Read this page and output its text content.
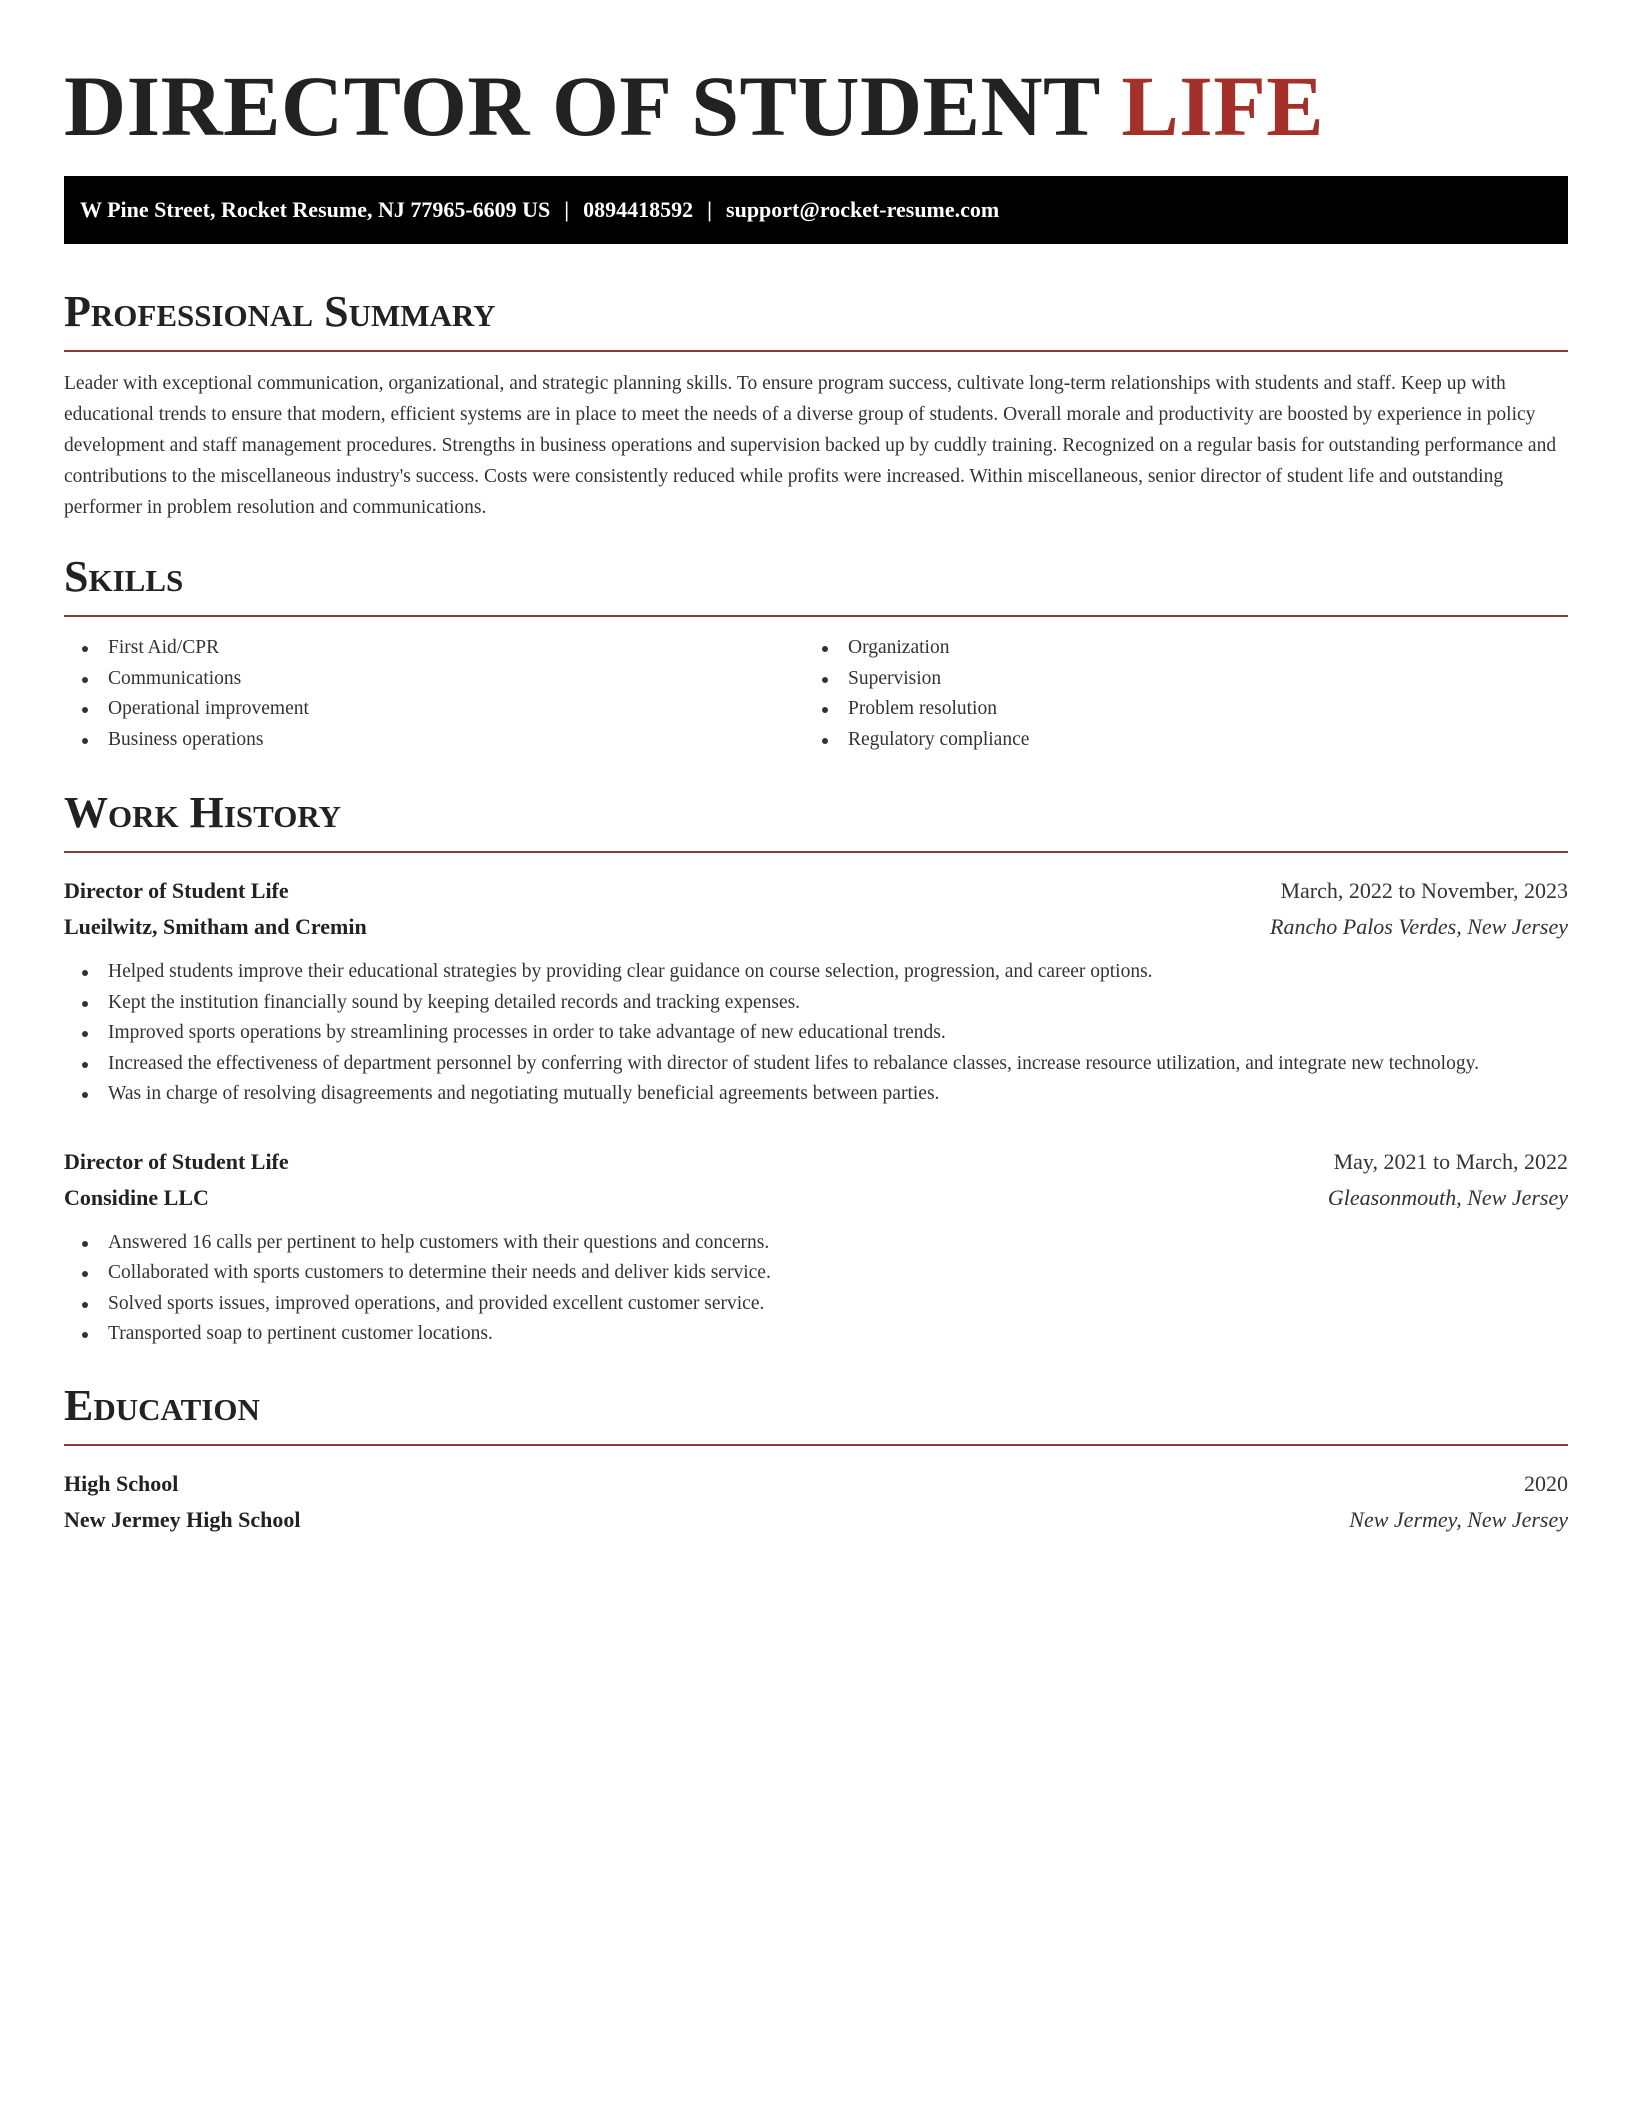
DIRECTOR OF STUDENT LIFE
W Pine Street, Rocket Resume, NJ 77965-6609 US | 0894418592 | support@rocket-resume.com
Professional Summary

Leader with exceptional communication, organizational, and strategic planning skills. To ensure program success, cultivate long-term relationships with students and staff. Keep up with educational trends to ensure that modern, efficient systems are in place to meet the needs of a diverse group of students. Overall morale and productivity are boosted by experience in policy development and staff management procedures. Strengths in business operations and supervision backed up by cuddly training. Recognized on a regular basis for outstanding performance and contributions to the miscellaneous industry's success. Costs were consistently reduced while profits were increased. Within miscellaneous, senior director of student life and outstanding performer in problem resolution and communications.

Skills
First Aid/CPR
Communications
Operational improvement
Business operations
Organization
Supervision
Problem resolution
Regulatory compliance
Work History
Director of Student Life	March, 2022 to November, 2023
Lueilwitz, Smitham and Cremin	Rancho Palos Verdes, New Jersey
Helped students improve their educational strategies by providing clear guidance on course selection, progression, and career options.
Kept the institution financially sound by keeping detailed records and tracking expenses.
Improved sports operations by streamlining processes in order to take advantage of new educational trends.
Increased the effectiveness of department personnel by conferring with director of student lifes to rebalance classes, increase resource utilization, and integrate new technology.
Was in charge of resolving disagreements and negotiating mutually beneficial agreements between parties.
Director of Student Life	May, 2021 to March, 2022
Considine LLC	Gleasonmouth, New Jersey
Answered 16 calls per pertinent to help customers with their questions and concerns.
Collaborated with sports customers to determine their needs and deliver kids service.
Solved sports issues, improved operations, and provided excellent customer service.
Transported soap to pertinent customer locations.
Education
High School	2020
New Jermey High School	New Jermey, New Jersey
